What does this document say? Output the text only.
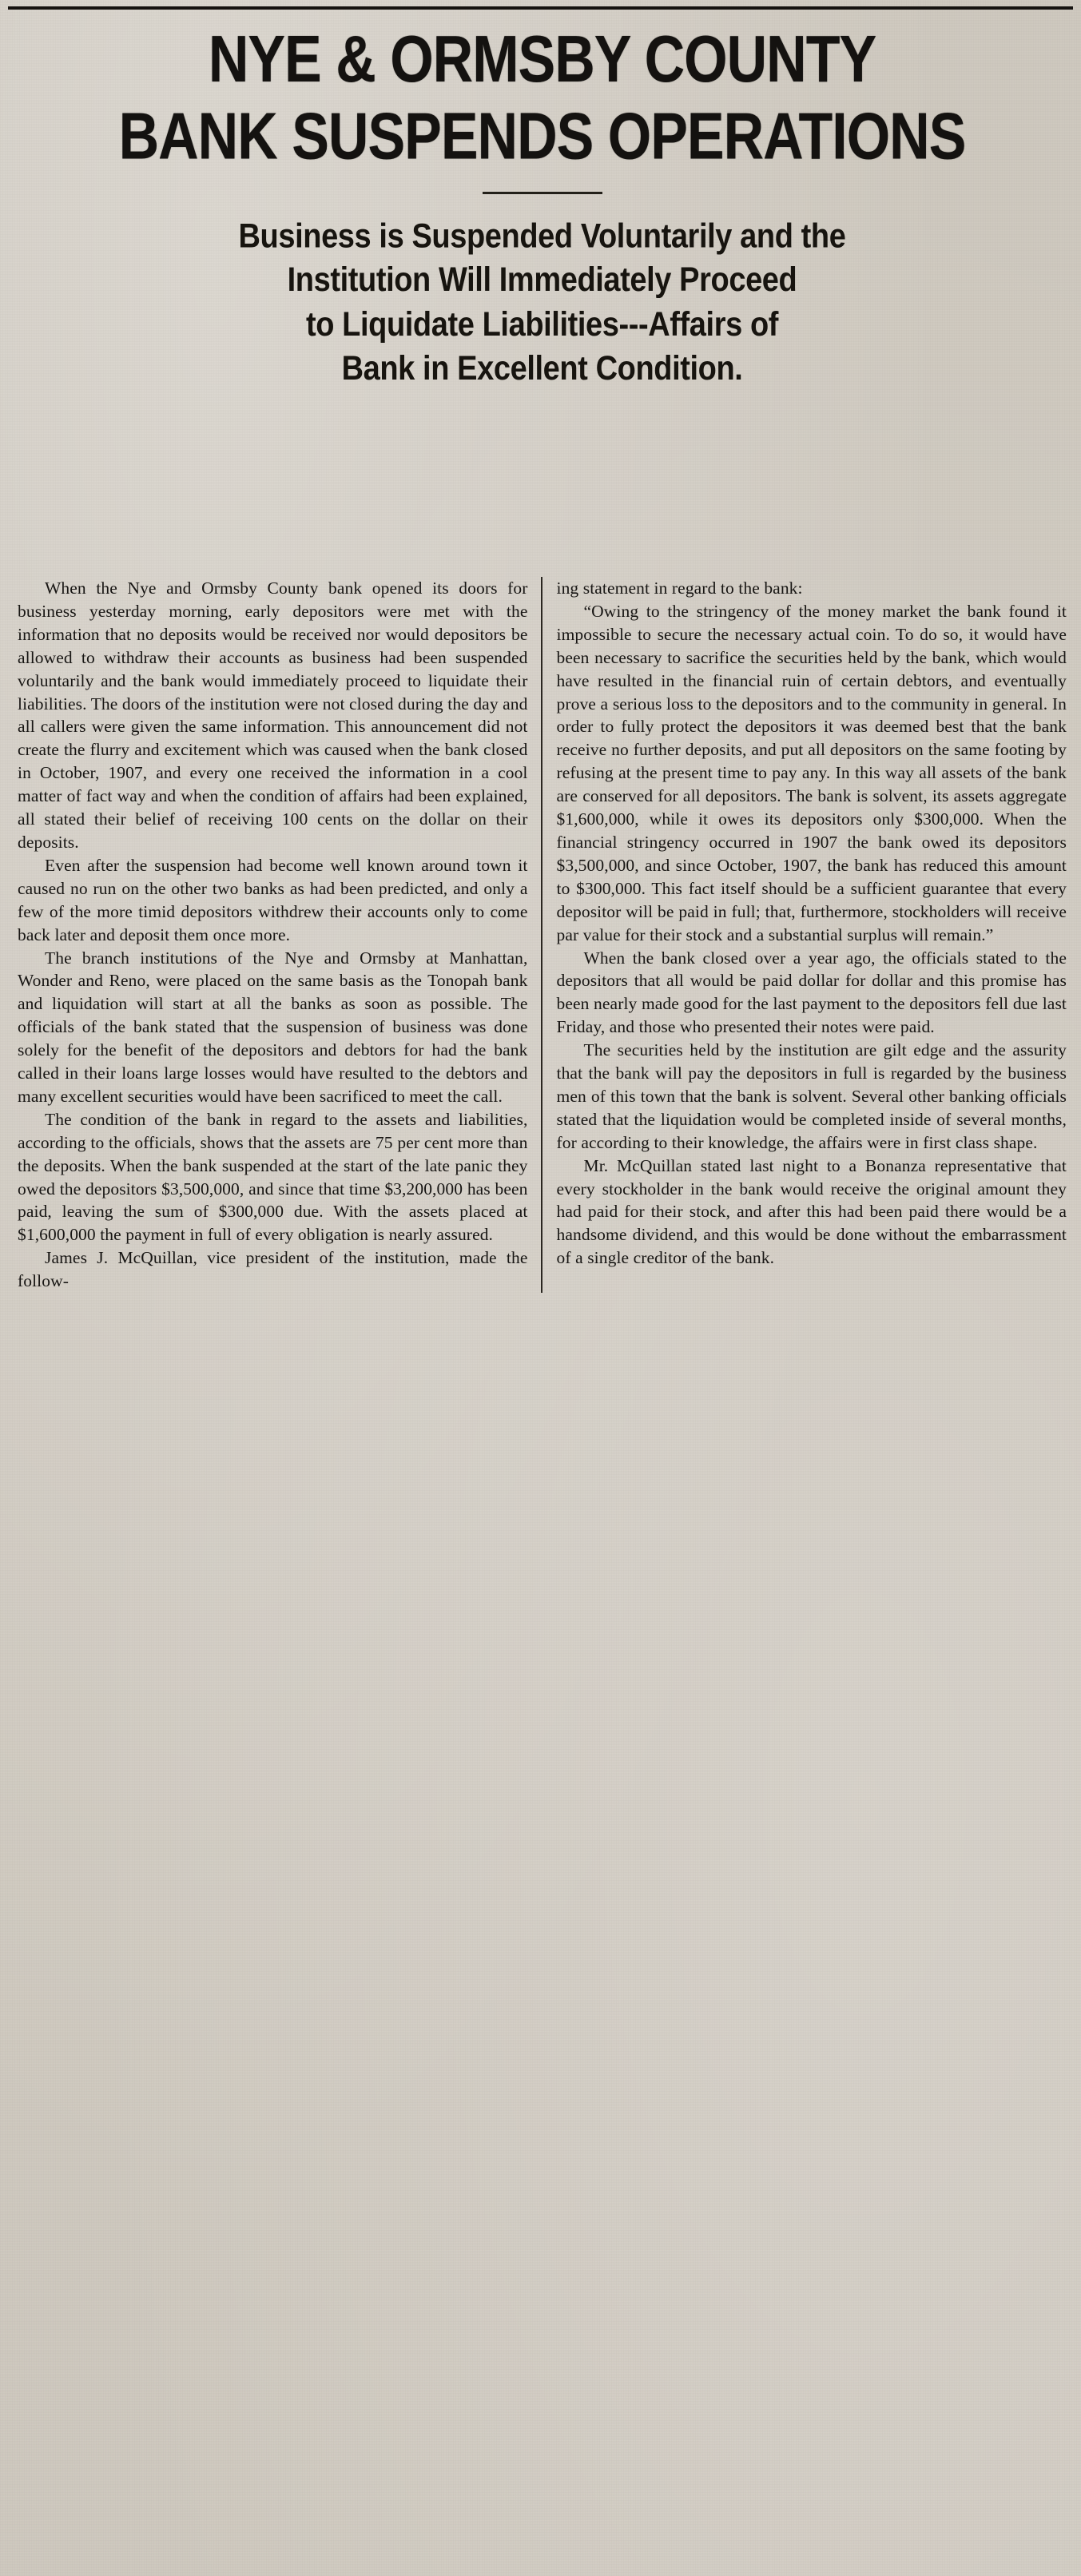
NYE & ORMSBY COUNTY
BANK SUSPENDS OPERATIONS
Business is Suspended Voluntarily and the
Institution Will Immediately Proceed
to Liquidate Liabilities---Affairs of
Bank in Excellent Condition.

When the Nye and Ormsby County bank opened its doors for business yesterday morning, early depositors were met with the information that no deposits would be received nor would depositors be allowed to withdraw their accounts as business had been suspended voluntarily and the bank would immediately proceed to liquidate their liabilities. The doors of the institution were not closed during the day and all callers were given the same information. This announcement did not create the flurry and excitement which was caused when the bank closed in October, 1907, and every one received the information in a cool matter of fact way and when the condition of affairs had been explained, all stated their belief of receiving 100 cents on the dollar on their deposits.

Even after the suspension had become well known around town it caused no run on the other two banks as had been predicted, and only a few of the more timid depositors withdrew their accounts only to come back later and deposit them once more.

The branch institutions of the Nye and Ormsby at Manhattan, Wonder and Reno, were placed on the same basis as the Tonopah bank and liquidation will start at all the banks as soon as possible. The officials of the bank stated that the suspension of business was done solely for the benefit of the depositors and debtors for had the bank called in their loans large losses would have resulted to the debtors and many excellent securities would have been sacrificed to meet the call.

The condition of the bank in regard to the assets and liabilities, according to the officials, shows that the assets are 75 per cent more than the deposits. When the bank suspended at the start of the late panic they owed the depositors $3,500,000, and since that time $3,200,000 has been paid, leaving the sum of $300,000 due. With the assets placed at $1,600,000 the payment in full of every obligation is nearly assured.

James J. McQuillan, vice president of the institution, made the follow-

ing statement in regard to the bank:

“Owing to the stringency of the money market the bank found it impossible to secure the necessary actual coin. To do so, it would have been necessary to sacrifice the securities held by the bank, which would have resulted in the financial ruin of certain debtors, and eventually prove a serious loss to the depositors and to the community in general. In order to fully protect the depositors it was deemed best that the bank receive no further deposits, and put all depositors on the same footing by refusing at the present time to pay any. In this way all assets of the bank are conserved for all depositors. The bank is solvent, its assets aggregate $1,600,000, while it owes its depositors only $300,000. When the financial stringency occurred in 1907 the bank owed its depositors $3,500,000, and since October, 1907, the bank has reduced this amount to $300,000. This fact itself should be a sufficient guarantee that every depositor will be paid in full; that, furthermore, stockholders will receive par value for their stock and a substantial surplus will remain.”

When the bank closed over a year ago, the officials stated to the depositors that all would be paid dollar for dollar and this promise has been nearly made good for the last payment to the depositors fell due last Friday, and those who presented their notes were paid.

The securities held by the institution are gilt edge and the assurity that the bank will pay the depositors in full is regarded by the business men of this town that the bank is solvent. Several other banking officials stated that the liquidation would be completed inside of several months, for according to their knowledge, the affairs were in first class shape.

Mr. McQuillan stated last night to a Bonanza representative that every stockholder in the bank would receive the original amount they had paid for their stock, and after this had been paid there would be a handsome dividend, and this would be done without the embarrassment of a single creditor of the bank.
